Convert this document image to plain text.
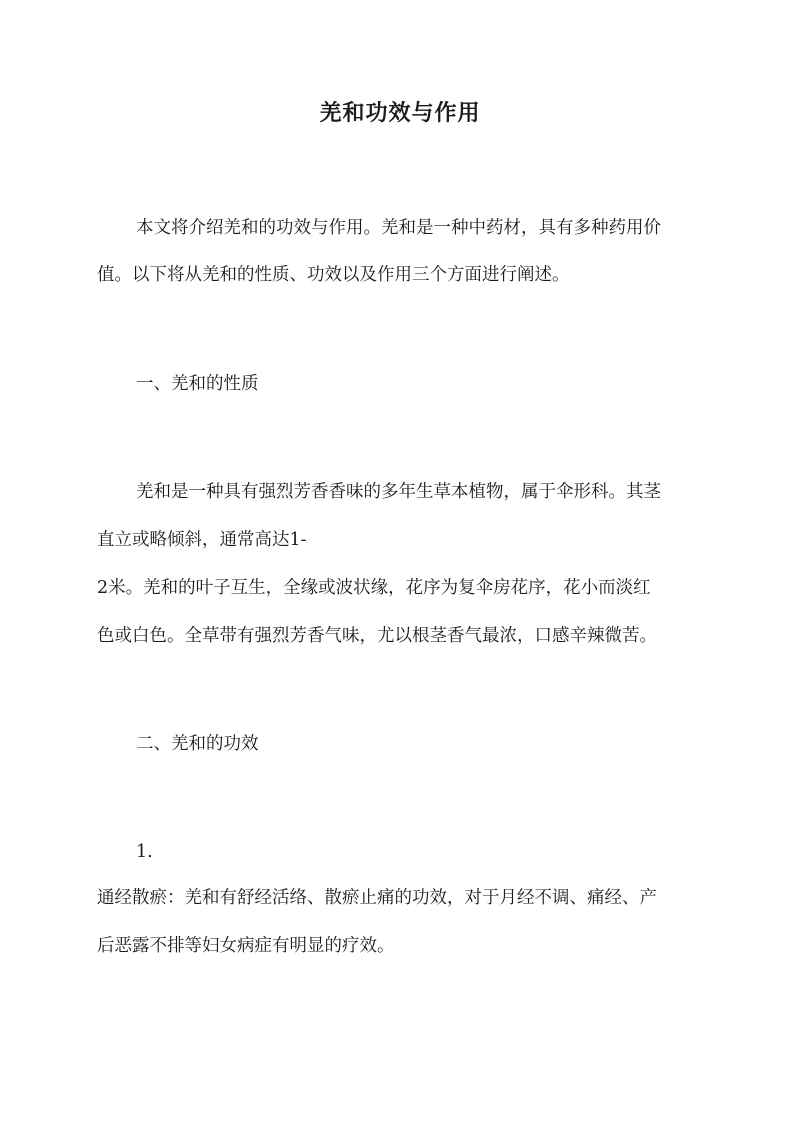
羌和功效与作用
本文将介绍羌和的功效与作用。羌和是一种中药材，具有多种药用价
值。以下将从羌和的性质、功效以及作用三个方面进行阐述。
一、羌和的性质
羌和是一种具有强烈芳香香味的多年生草本植物，属于伞形科。其茎
直立或略倾斜，通常高达1-
2米。羌和的叶子互生，全缘或波状缘，花序为复伞房花序，花小而淡红
色或白色。全草带有强烈芳香气味，尤以根茎香气最浓，口感辛辣微苦。
二、羌和的功效
1.
通经散瘀：羌和有舒经活络、散瘀止痛的功效，对于月经不调、痛经、产
后恶露不排等妇女病症有明显的疗效。
